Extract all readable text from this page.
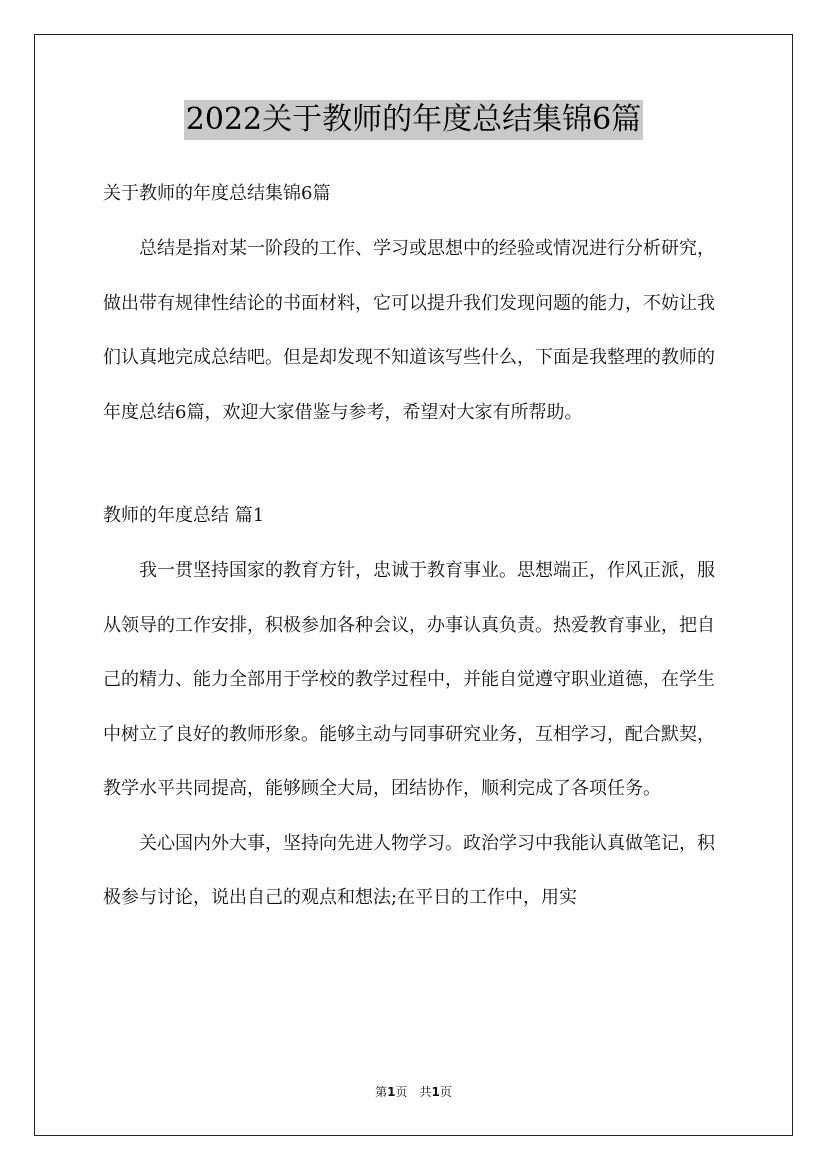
2022关于教师的年度总结集锦6篇

关于教师的年度总结集锦6篇

总结是指对某一阶段的工作、学习或思想中的经验或情况进行分析研究，做出带有规律性结论的书面材料，它可以提升我们发现问题的能力，不妨让我们认真地完成总结吧。但是却发现不知道该写些什么，下面是我整理的教师的年度总结6篇，欢迎大家借鉴与参考，希望对大家有所帮助。

教师的年度总结 篇1

我一贯坚持国家的教育方针，忠诚于教育事业。思想端正，作风正派，服从领导的工作安排，积极参加各种会议，办事认真负责。热爱教育事业，把自己的精力、能力全部用于学校的教学过程中，并能自觉遵守职业道德，在学生中树立了良好的教师形象。能够主动与同事研究业务，互相学习，配合默契，教学水平共同提高，能够顾全大局，团结协作，顺利完成了各项任务。

关心国内外大事，坚持向先进人物学习。政治学习中我能认真做笔记，积极参与讨论，说出自己的观点和想法;在平日的工作中，用实

第1页　共1页
